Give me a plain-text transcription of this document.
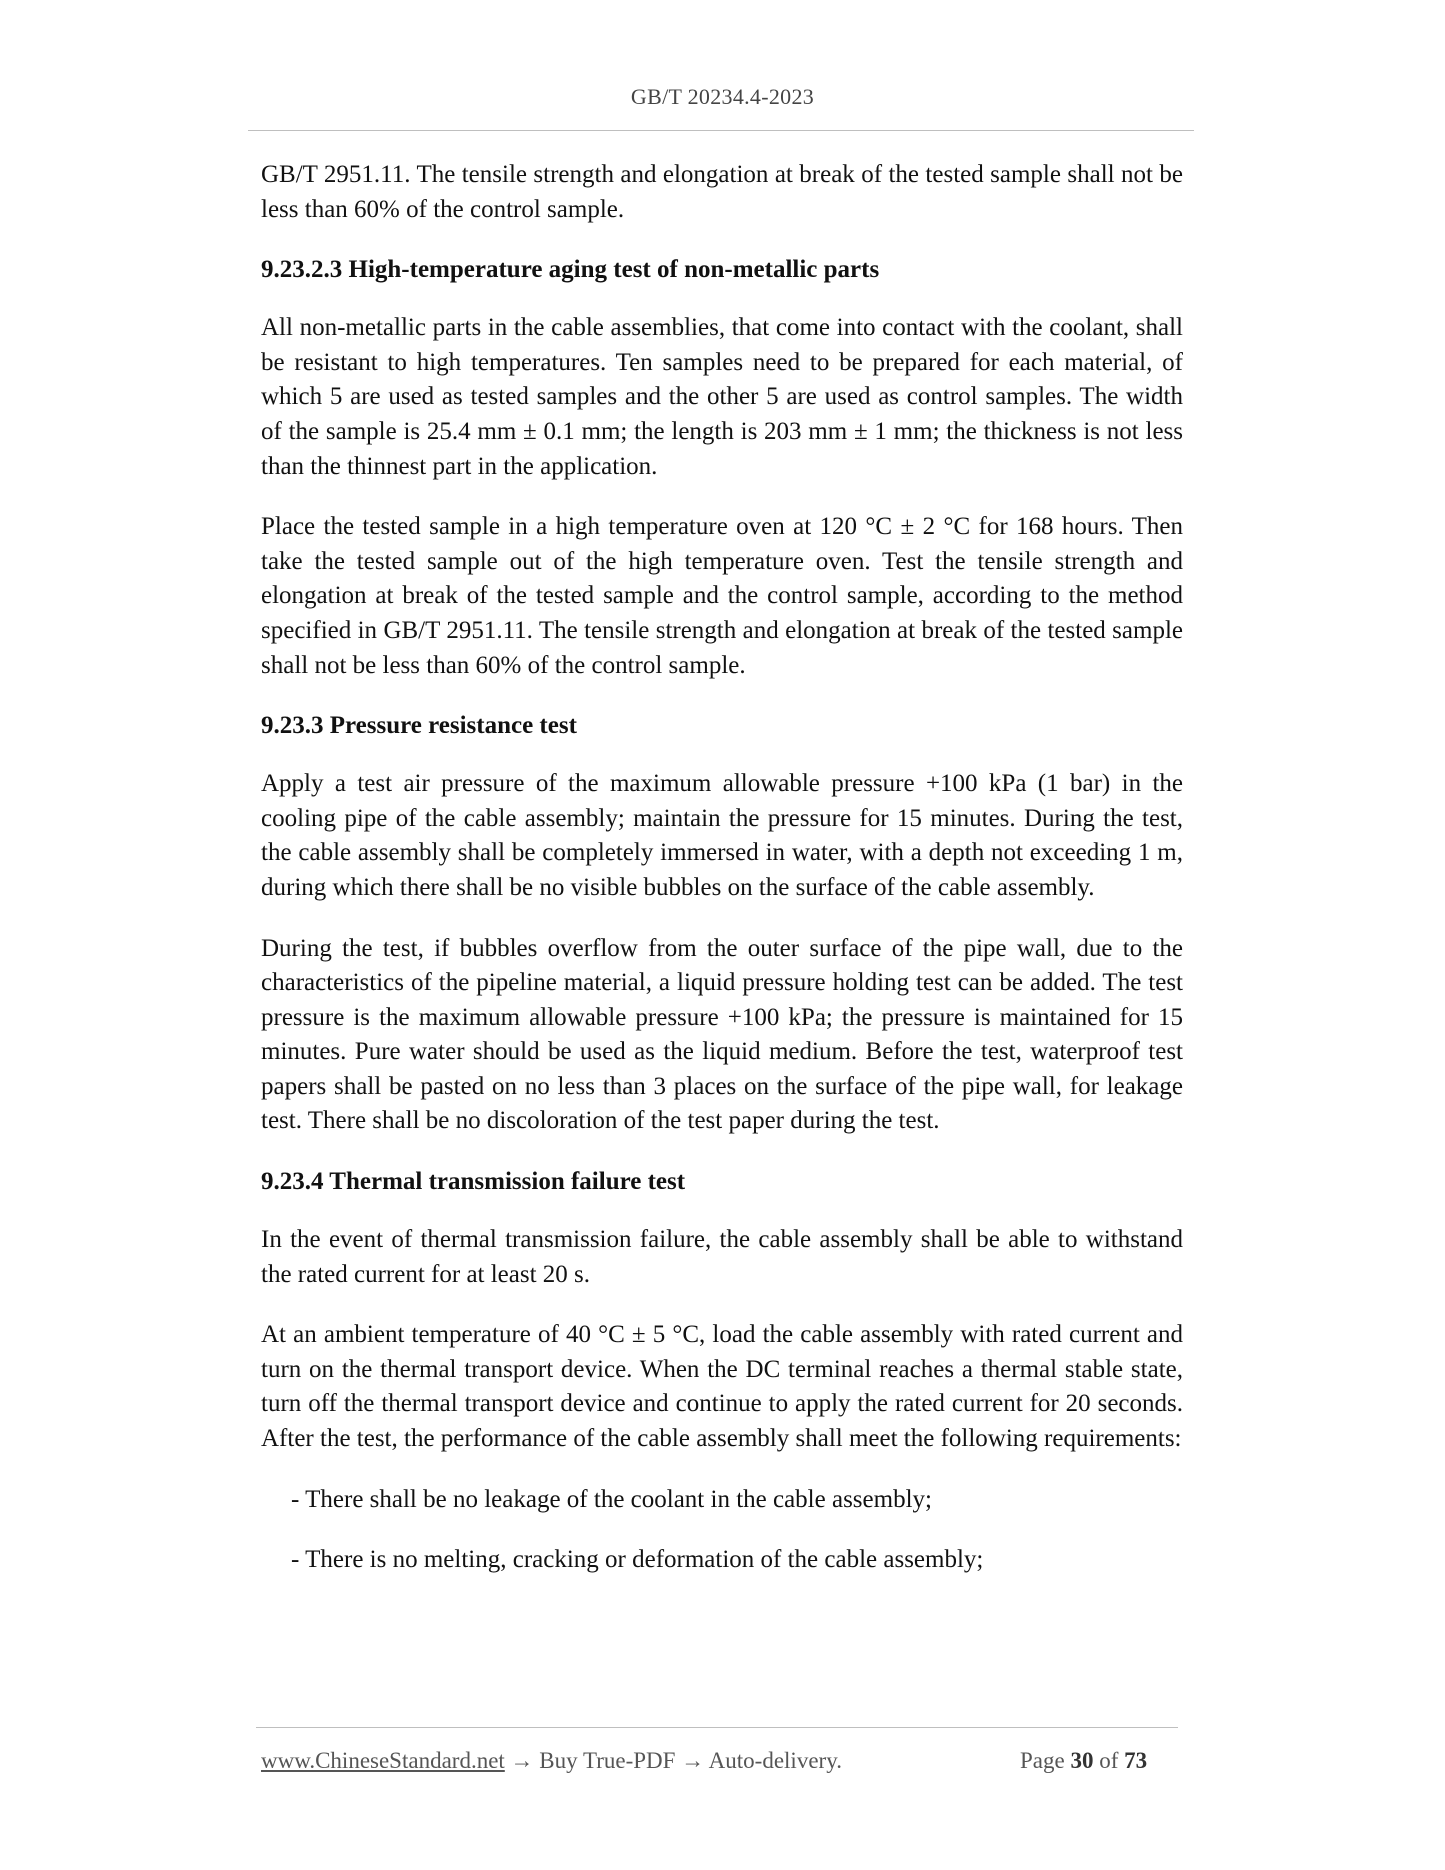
GB/T 20234.4-2023

GB/T 2951.11. The tensile strength and elongation at break of the tested sample shall not be less than 60% of the control sample.

9.23.2.3 High-temperature aging test of non-metallic parts

All non-metallic parts in the cable assemblies, that come into contact with the coolant, shall be resistant to high temperatures. Ten samples need to be prepared for each material, of which 5 are used as tested samples and the other 5 are used as control samples. The width of the sample is 25.4 mm ± 0.1 mm; the length is 203 mm ± 1 mm; the thickness is not less than the thinnest part in the application.

Place the tested sample in a high temperature oven at 120 °C ± 2 °C for 168 hours. Then take the tested sample out of the high temperature oven. Test the tensile strength and elongation at break of the tested sample and the control sample, according to the method specified in GB/T 2951.11. The tensile strength and elongation at break of the tested sample shall not be less than 60% of the control sample.

9.23.3 Pressure resistance test

Apply a test air pressure of the maximum allowable pressure +100 kPa (1 bar) in the cooling pipe of the cable assembly; maintain the pressure for 15 minutes. During the test, the cable assembly shall be completely immersed in water, with a depth not exceeding 1 m, during which there shall be no visible bubbles on the surface of the cable assembly.

During the test, if bubbles overflow from the outer surface of the pipe wall, due to the characteristics of the pipeline material, a liquid pressure holding test can be added. The test pressure is the maximum allowable pressure +100 kPa; the pressure is maintained for 15 minutes. Pure water should be used as the liquid medium. Before the test, waterproof test papers shall be pasted on no less than 3 places on the surface of the pipe wall, for leakage test. There shall be no discoloration of the test paper during the test.

9.23.4 Thermal transmission failure test

In the event of thermal transmission failure, the cable assembly shall be able to withstand the rated current for at least 20 s.

At an ambient temperature of 40 °C ± 5 °C, load the cable assembly with rated current and turn on the thermal transport device. When the DC terminal reaches a thermal stable state, turn off the thermal transport device and continue to apply the rated current for 20 seconds. After the test, the performance of the cable assembly shall meet the following requirements:

- There shall be no leakage of the coolant in the cable assembly;

- There is no melting, cracking or deformation of the cable assembly;

www.ChineseStandard.net → Buy True-PDF → Auto-delivery.	Page 30 of 73
